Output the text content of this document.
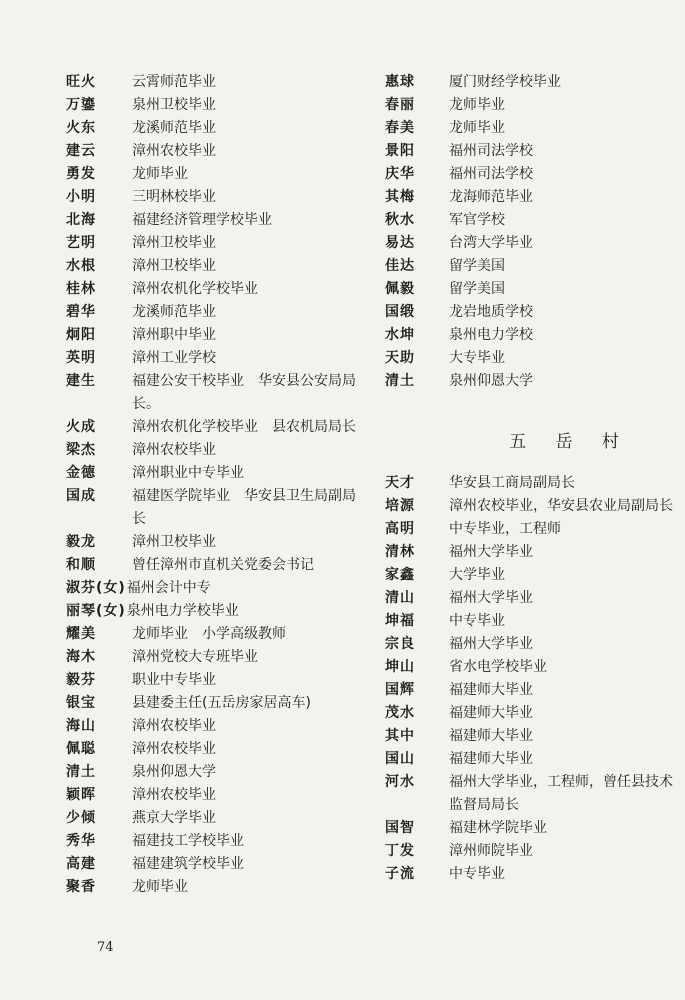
旺火	云霄师范毕业
万鎏	泉州卫校毕业
火东	龙溪师范毕业
建云	漳州农校毕业
勇发	龙师毕业
小明	三明林校毕业
北海	福建经济管理学校毕业
艺明	漳州卫校毕业
水根	漳州卫校毕业
桂林	漳州农机化学校毕业
碧华	龙溪师范毕业
炯阳	漳州职中毕业
英明	漳州工业学校
建生	福建公安干校毕业　华安县公安局局长。
火成	漳州农机化学校毕业　县农机局局长
梁杰	漳州农校毕业
金德	漳州职业中专毕业
国成	福建医学院毕业　华安县卫生局副局长
毅龙	漳州卫校毕业
和顺	曾任漳州市直机关党委会书记
淑芬(女) 福州会计中专
丽琴(女) 泉州电力学校毕业
耀美	龙师毕业　小学高级教师
海木	漳州党校大专班毕业
毅芬	职业中专毕业
银宝	县建委主任(五岳房家居高车)
海山	漳州农校毕业
佩聪	漳州农校毕业
清土	泉州仰恩大学
颖晖	漳州农校毕业
少倾	燕京大学毕业
秀华	福建技工学校毕业
高建	福建建筑学校毕业
聚香	龙师毕业
惠球	厦门财经学校毕业
春丽	龙师毕业
春美	龙师毕业
景阳	福州司法学校
庆华	福州司法学校
其梅	龙海师范毕业
秋水	军官学校
易达	台湾大学毕业
佳达	留学美国
佩毅	留学美国
国缎	龙岩地质学校
水坤	泉州电力学校
天助	大专毕业
清土	泉州仰恩大学
五 岳 村
天才	华安县工商局副局长
培源	漳州农校毕业，华安县农业局副局长
高明	中专毕业，工程师
清林	福州大学毕业
家鑫	大学毕业
清山	福州大学毕业
坤福	中专毕业
宗良	福州大学毕业
坤山	省水电学校毕业
国辉	福建师大毕业
茂水	福建师大毕业
其中	福建师大毕业
国山	福建师大毕业
河水	福州大学毕业，工程师，曾任县技术监督局局长
国智	福建林学院毕业
丁发	漳州师院毕业
子流	中专毕业
74
